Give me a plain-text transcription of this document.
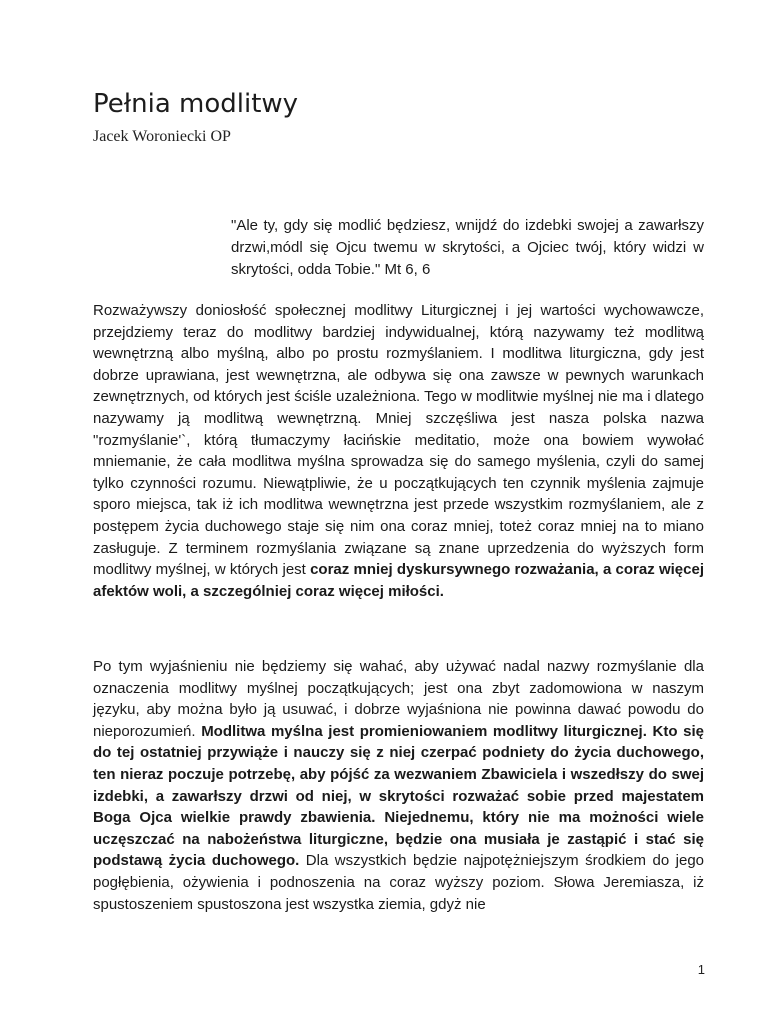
Pełnia modlitwy

Jacek Woroniecki OP

"Ale ty, gdy się modlić będziesz, wnijdź do izdebki swojej a zawarłszy drzwi,módl się Ojcu twemu w skrytości, a Ojciec twój, który widzi w skrytości, odda Tobie." Mt 6, 6

Rozważywszy doniosłość społecznej modlitwy Liturgicznej i jej wartości wychowawcze, przejdziemy teraz do modlitwy bardziej indywidualnej, którą nazywamy też modlitwą wewnętrzną albo myślną, albo po prostu rozmyślaniem. I modlitwa liturgiczna, gdy jest dobrze uprawiana, jest wewnętrzna, ale odbywa się ona zawsze w pewnych warunkach zewnętrznych, od których jest ściśle uzależniona. Tego w modlitwie myślnej nie ma i dlatego nazywamy ją modlitwą wewnętrzną. Mniej szczęśliwa jest nasza polska nazwa "rozmyślanie'`, którą tłumaczymy łacińskie meditatio, może ona bowiem wywołać mniemanie, że cała modlitwa myślna sprowadza się do samego myślenia, czyli do samej tylko czynności rozumu. Niewątpliwie, że u początkujących ten czynnik myślenia zajmuje sporo miejsca, tak iż ich modlitwa wewnętrzna jest przede wszystkim rozmyślaniem, ale z postępem życia duchowego staje się nim ona coraz mniej, toteż coraz mniej na to miano zasługuje. Z terminem rozmyślania związane są znane uprzedzenia do wyższych form modlitwy myślnej, w których jest coraz mniej dyskursywnego rozważania, a coraz więcej afektów woli, a szczególniej coraz więcej miłości.

Po tym wyjaśnieniu nie będziemy się wahać, aby używać nadal nazwy rozmyślanie dla oznaczenia modlitwy myślnej początkujących; jest ona zbyt zadomowiona w naszym języku, aby można było ją usuwać, i dobrze wyjaśniona nie powinna dawać powodu do nieporozumień. Modlitwa myślna jest promieniowaniem modlitwy liturgicznej. Kto się do tej ostatniej przywiąże i nauczy się z niej czerpać podniety do życia duchowego, ten nieraz poczuje potrzebę, aby pójść za wezwaniem Zbawiciela i wszedłszy do swej izdebki, a zawarłszy drzwi od niej, w skrytości rozważać sobie przed majestatem Boga Ojca wielkie prawdy zbawienia. Niejednemu, który nie ma możności wiele uczęszczać na nabożeństwa liturgiczne, będzie ona musiała je zastąpić i stać się podstawą życia duchowego. Dla wszystkich będzie najpotężniejszym środkiem do jego pogłębienia, ożywienia i podnoszenia na coraz wyższy poziom. Słowa Jeremiasza, iż spustoszeniem spustoszona jest wszystka ziemia, gdyż nie

1
